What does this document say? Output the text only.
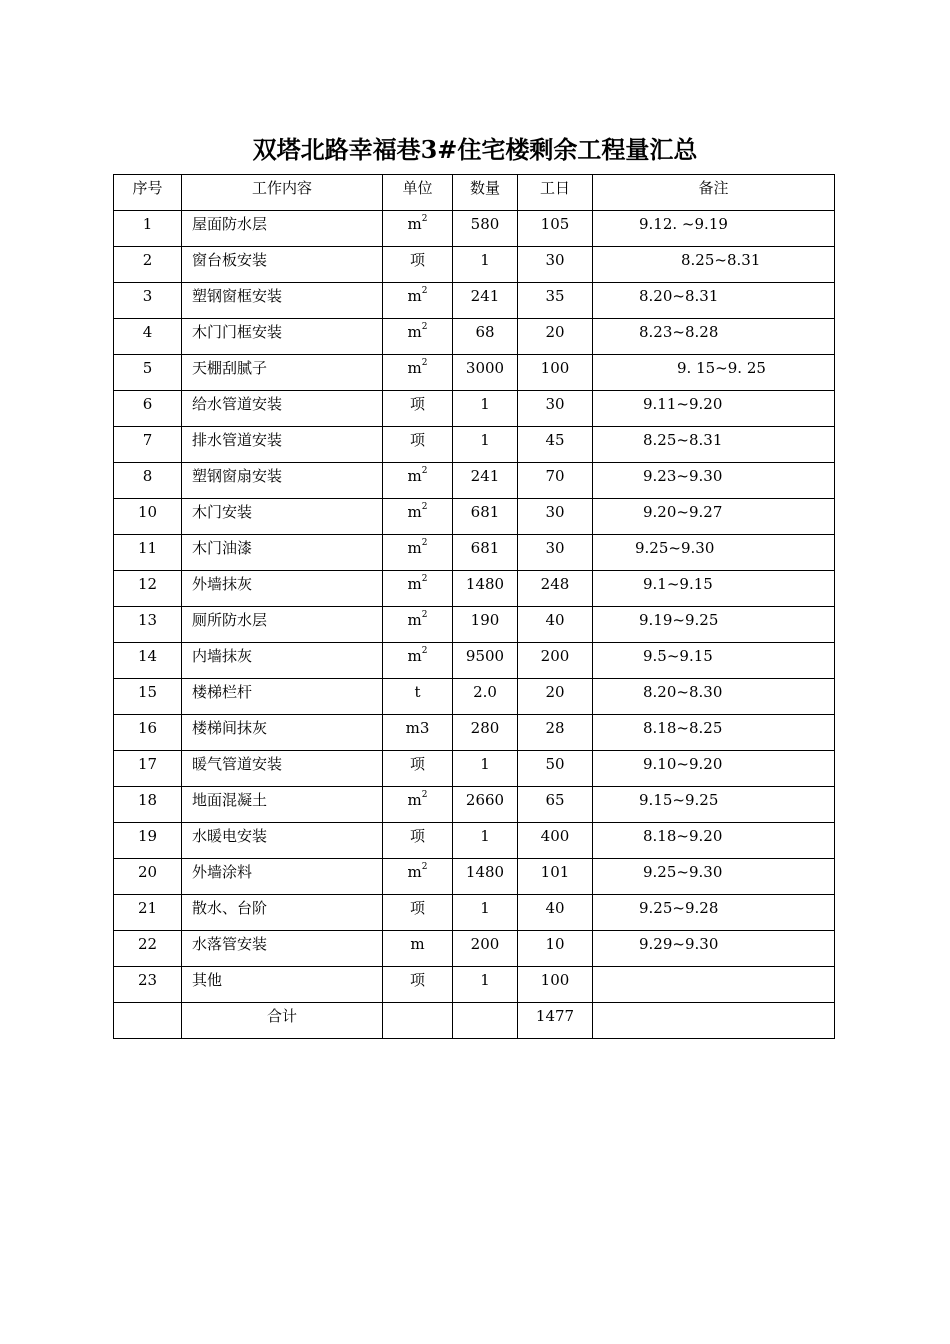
双塔北路幸福巷3#住宅楼剩余工程量汇总
序号	工作内容	单位	数量	工日	备注
1	屋面防水层	$m^2$	580	105	9.12. ~9.19
2	窗台板安装	项	1	30	8.25~8.31
3	塑钢窗框安装	$m^2$	241	35	8.20~8.31
4	木门门框安装	$m^2$	68	20	8.23~8.28
5	天棚刮腻子	$m^2$	3000	100	9. 15~9. 25
6	给水管道安装	项	1	30	9.11~9.20
7	排水管道安装	项	1	45	8.25~8.31
8	塑钢窗扇安装	$m^2$	241	70	9.23~9.30
10	木门安装	$m^2$	681	30	9.20~9.27
11	木门油漆	$m^2$	681	30	9.25~9.30
12	外墙抹灰	$m^2$	1480	248	9.1~9.15
13	厕所防水层	$m^2$	190	40	9.19~9.25
14	内墙抹灰	$m^2$	9500	200	9.5~9.15
15	楼梯栏杆	t	2.0	20	8.20~8.30
16	楼梯间抹灰	m3	280	28	8.18~8.25
17	暖气管道安装	项	1	50	9.10~9.20
18	地面混凝土	$m^2$	2660	65	9.15~9.25
19	水暖电安装	项	1	400	8.18~9.20
20	外墙涂料	$m^2$	1480	101	9.25~9.30
21	散水、台阶	项	1	40	9.25~9.28
22	水落管安装	m	200	10	9.29~9.30
23	其他	项	1	100	
	合计			1477	
